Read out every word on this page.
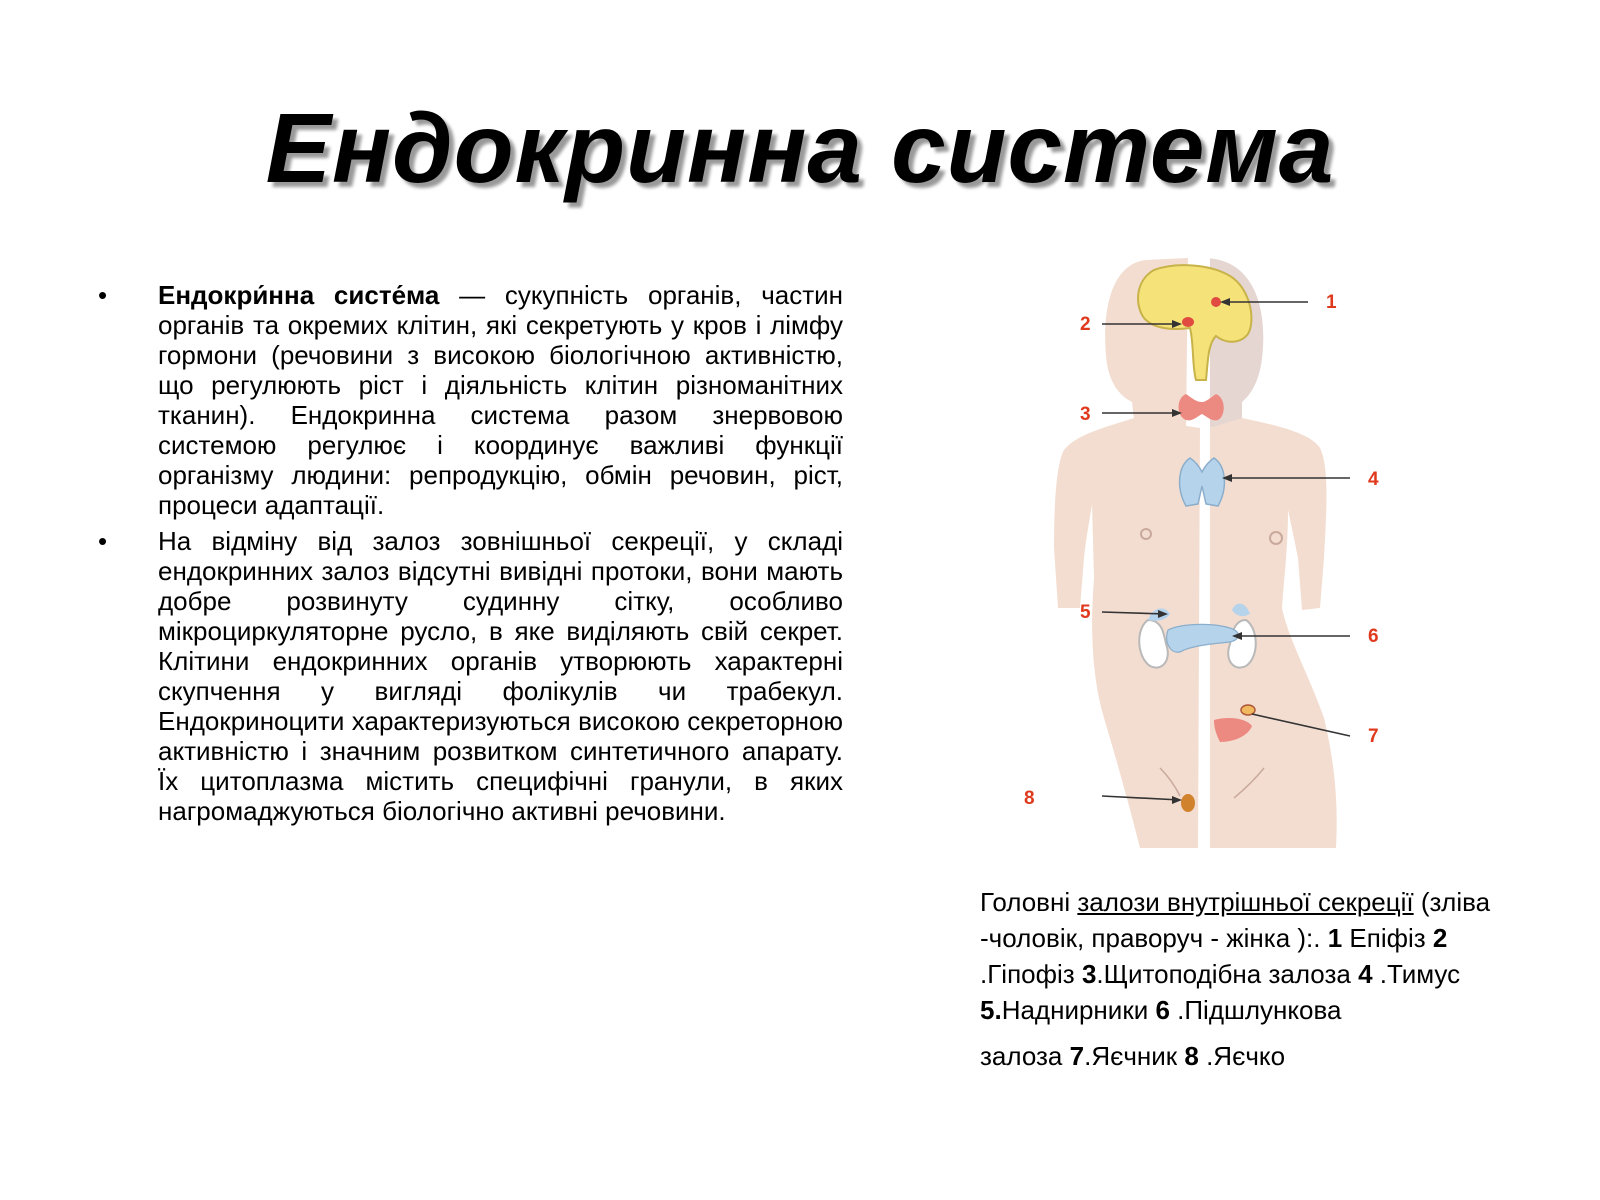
Ендокринна система
• Ендокри́нна систе́ма — сукупність органів, частин органів та окремих клітин, які секретують у кров і лімфу гормони (речовини з високою біологічною активністю, що регулюють ріст і діяльність клітин різноманітних тканин). Ендокринна система разом знервовою системою регулює і координує важливі функції організму людини: репродукцію, обмін речовин, ріст, процеси адаптації.
• На відміну від залоз зовнішньої секреції, у складі ендокринних залоз відсутні вивідні протоки, вони мають добре розвинуту судинну сітку, особливо мікроциркуляторне русло, в яке виділяють свій секрет. Клітини ендокринних органів утворюють характерні скупчення у вигляді фолікулів чи трабекул. Ендокриноцити характеризуються високою секреторною активністю і значним розвитком синтетичного апарату. Їх цитоплазма містить специфічні гранули, в яких нагромаджуються біологічно активні речовини.
1
2
3
4
5
6
7
8
Головні залози внутрішньої секреції (зліва
-чоловік, праворуч - жінка ):. 1 Епіфіз 2
.Гіпофіз 3.Щитоподібна залоза 4 .Тимус
5.Наднирники 6 .Підшлункова
залоза 7.Яєчник 8 .Яєчко
